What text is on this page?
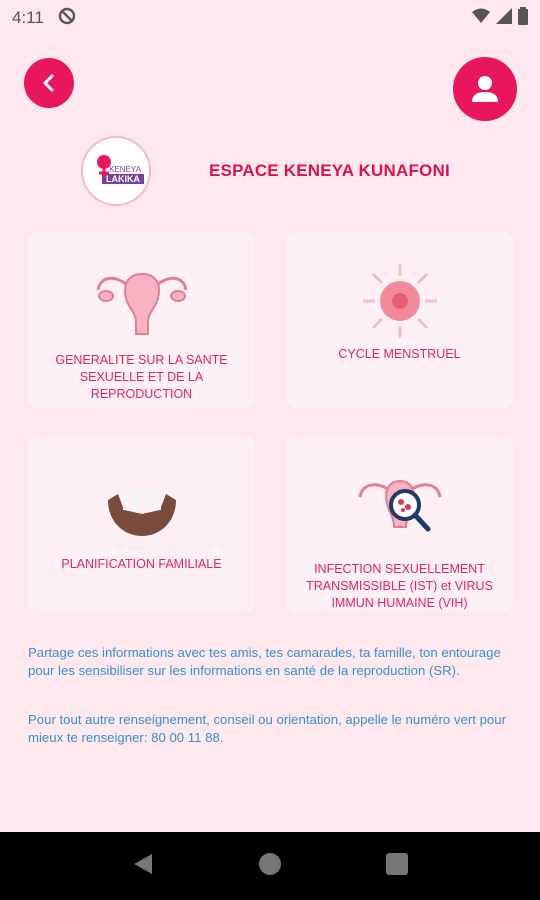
4:11
KENEYA
LAKIKA	ESPACE KENEYA KUNAFONI
GENERALITE SUR LA SANTE SEXUELLE ET DE LA REPRODUCTION
CYCLE MENSTRUEL
PLANIFICATION FAMILIALE	INFECTION SEXUELLEMENT TRANSMISSIBLE (IST) et VIRUS IMMUN HUMAINE (VIH)
Partage ces informations avec tes amis, tes camarades, ta famille, ton entourage pour les sensibiliser sur les informations en santé de la reproduction (SR).
Pour tout autre renseignement, conseil ou orientation, appelle le numéro vert pour mieux te renseigner: 80 00 11 88.
